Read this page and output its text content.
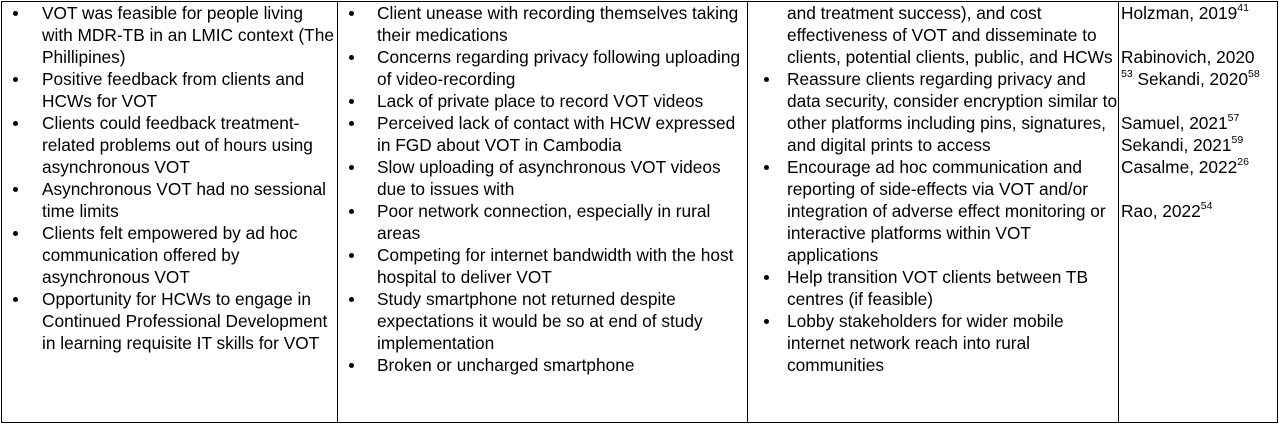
VOT was feasible for people living with MDR-TB in an LMIC context (The Phillipines)
Positive feedback from clients and HCWs for VOT
Clients could feedback treatment-related problems out of hours using asynchronous VOT
Asynchronous VOT had no sessional time limits
Clients felt empowered by ad hoc communication offered by asynchronous VOT
Opportunity for HCWs to engage in Continued Professional Development in learning requisite IT skills for VOT

Client unease with recording themselves taking their medications
Concerns regarding privacy following uploading of video-recording
Lack of private place to record VOT videos
Perceived lack of contact with HCW expressed in FGD about VOT in Cambodia
Slow uploading of asynchronous VOT videos due to issues with
Poor network connection, especially in rural areas
Competing for internet bandwidth with the host hospital to deliver VOT
Study smartphone not returned despite expectations it would be so at end of study implementation
Broken or uncharged smartphone

and treatment success), and cost effectiveness of VOT and disseminate to clients, potential clients, public, and HCWs
Reassure clients regarding privacy and data security, consider encryption similar to other platforms including pins, signatures, and digital prints to access
Encourage ad hoc communication and reporting of side-effects via VOT and/or integration of adverse effect monitoring or interactive platforms within VOT applications
Help transition VOT clients between TB centres (if feasible)
Lobby stakeholders for wider mobile internet network reach into rural communities

Holzman, 2019$^{41}$
Rabinovich, 2020
$^{53}$ Sekandi, 2020$^{58}$
Samuel, 2021$^{57}$
Sekandi, 2021$^{59}$
Casalme, 2022$^{26}$
Rao, 2022$^{54}$
